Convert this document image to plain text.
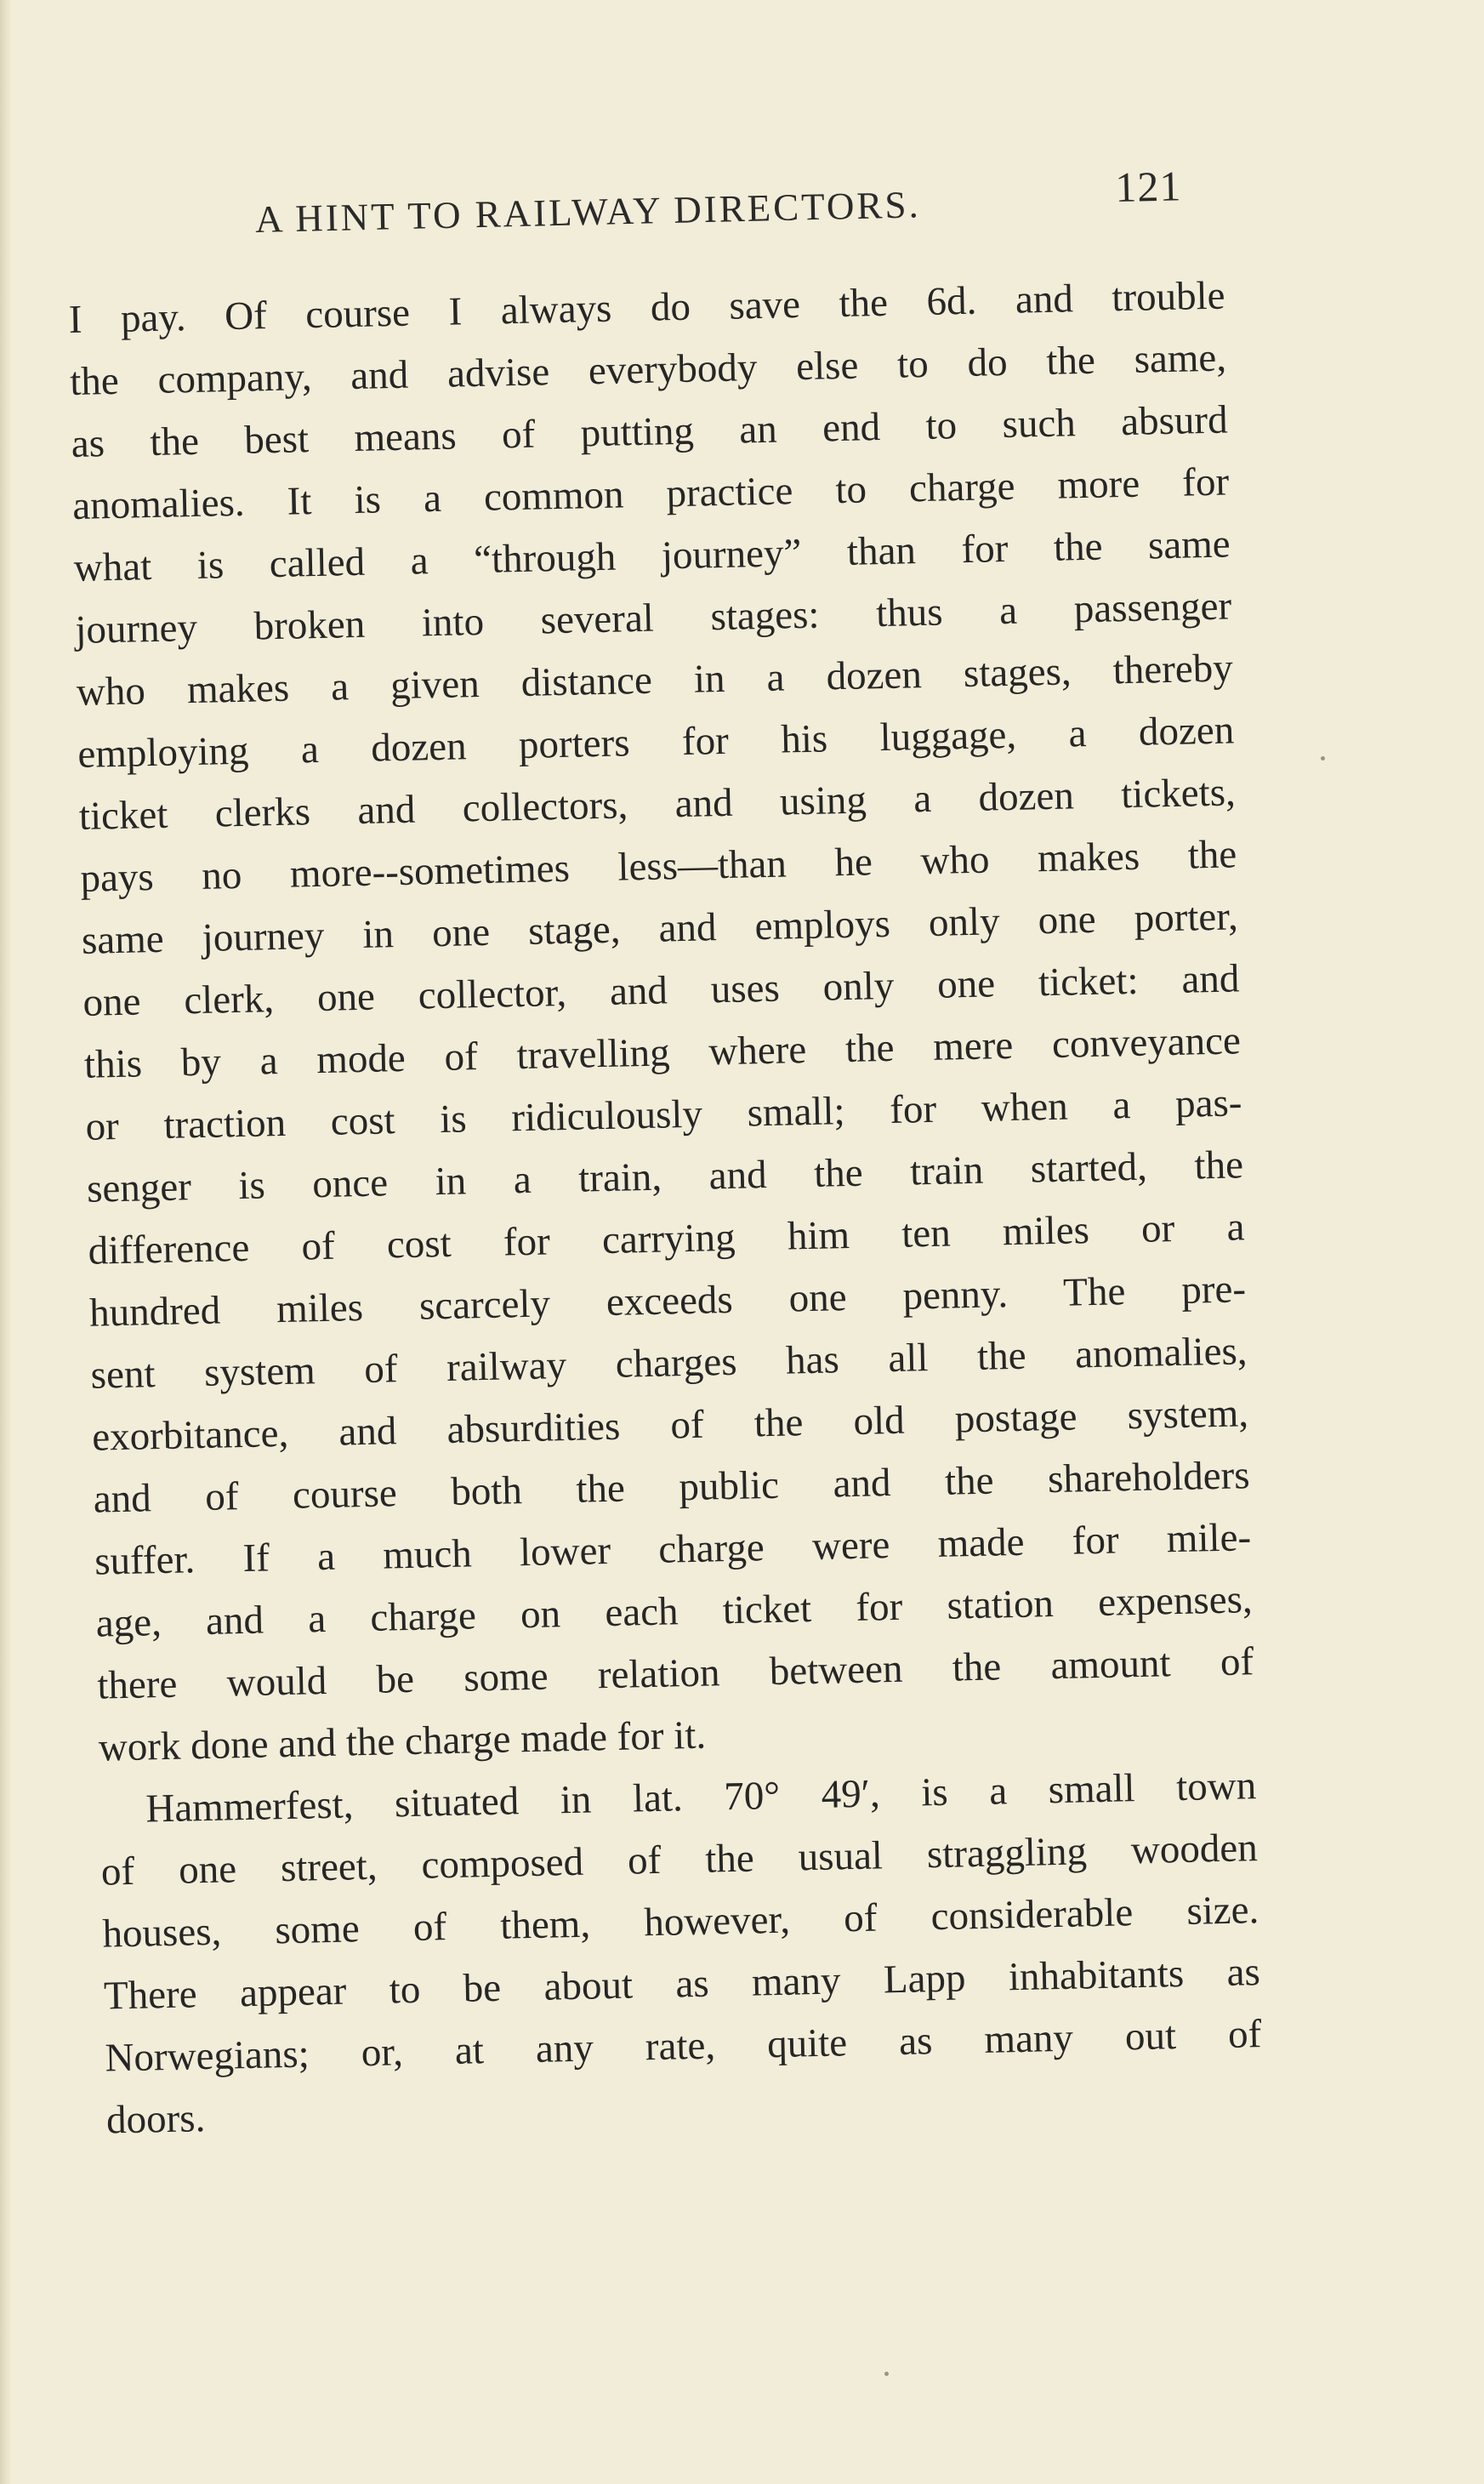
A HINT TO RAILWAY DIRECTORS.	121
I pay. Of course I always do save the 6d. and trouble
the company, and advise everybody else to do the same,
as the best means of putting an end to such absurd
anomalies. It is a common practice to charge more for
what is called a “through journey” than for the same
journey broken into several stages: thus a passenger
who makes a given distance in a dozen stages, thereby
employing a dozen porters for his luggage, a dozen
ticket clerks and collectors, and using a dozen tickets,
pays no more--sometimes less—than he who makes the
same journey in one stage, and employs only one porter,
one clerk, one collector, and uses only one ticket: and
this by a mode of travelling where the mere conveyance
or traction cost is ridiculously small; for when a pas-
senger is once in a train, and the train started, the
difference of cost for carrying him ten miles or a
hundred miles scarcely exceeds one penny. The pre-
sent system of railway charges has all the anomalies,
exorbitance, and absurdities of the old postage system,
and of course both the public and the shareholders
suffer. If a much lower charge were made for mile-
age, and a charge on each ticket for station expenses,
there would be some relation between the amount of
work done and the charge made for it.
Hammerfest, situated in lat. 70° 49′, is a small town
of one street, composed of the usual straggling wooden
houses, some of them, however, of considerable size.
There appear to be about as many Lapp inhabitants as
Norwegians; or, at any rate, quite as many out of
doors.
